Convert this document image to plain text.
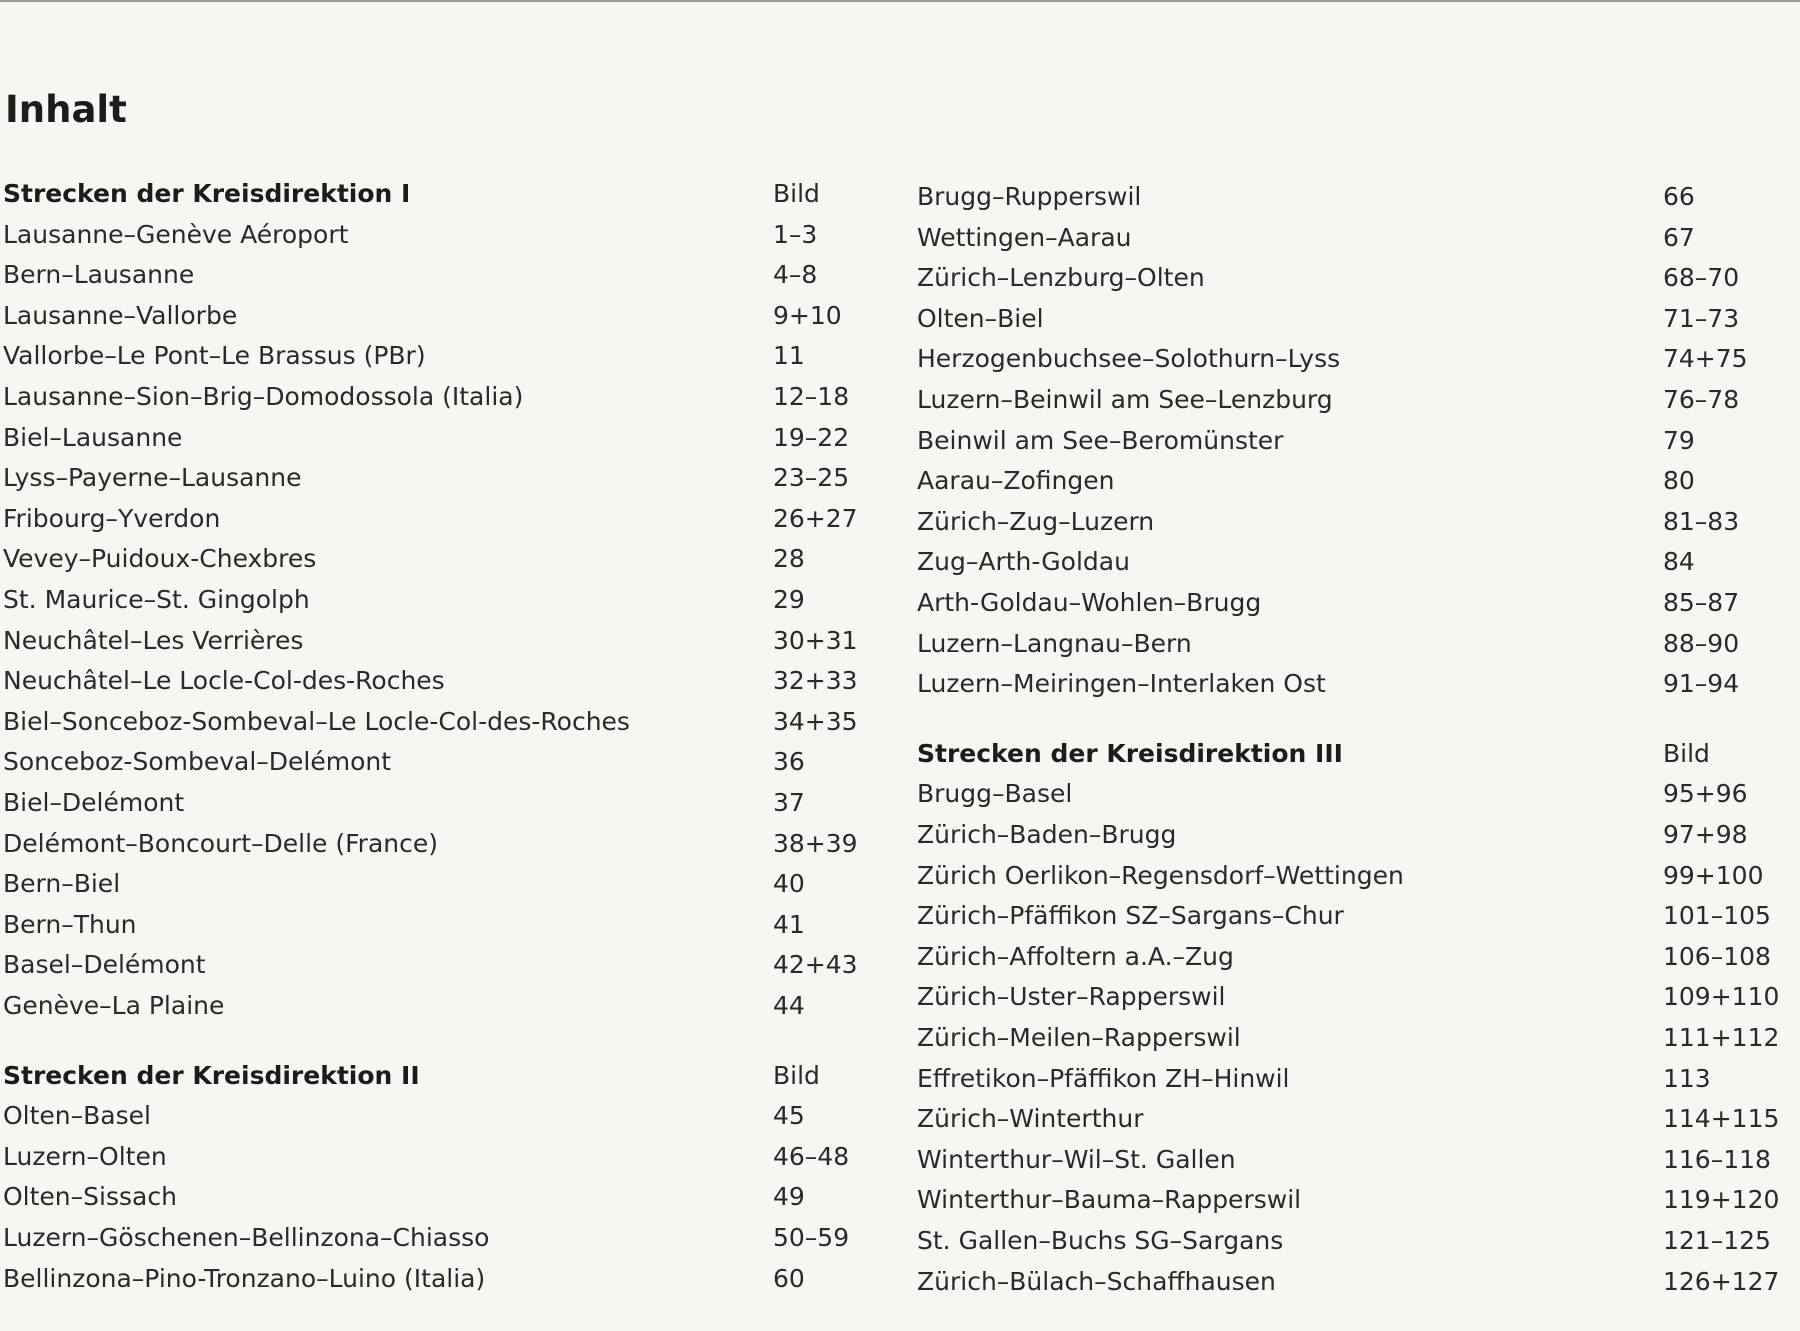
Inhalt
Strecken der Kreisdirektion I	Bild
Lausanne–Genève Aéroport	1–3
Bern–Lausanne	4–8
Lausanne–Vallorbe	9+10
Vallorbe–Le Pont–Le Brassus (PBr)	11
Lausanne–Sion–Brig–Domodossola (Italia)	12–18
Biel–Lausanne	19–22
Lyss–Payerne–Lausanne	23–25
Fribourg–Yverdon	26+27
Vevey–Puidoux-Chexbres	28
St. Maurice–St. Gingolph	29
Neuchâtel–Les Verrières	30+31
Neuchâtel–Le Locle-Col-des-Roches	32+33
Biel–Sonceboz-Sombeval–Le Locle-Col-des-Roches	34+35
Sonceboz-Sombeval–Delémont	36
Biel–Delémont	37
Delémont–Boncourt–Delle (France)	38+39
Bern–Biel	40
Bern–Thun	41
Basel–Delémont	42+43
Genève–La Plaine	44
Strecken der Kreisdirektion II	Bild
Olten–Basel	45
Luzern–Olten	46–48
Olten–Sissach	49
Luzern–Göschenen–Bellinzona–Chiasso	50–59
Bellinzona–Pino-Tronzano–Luino (Italia)	60
Brugg–Rupperswil	66
Wettingen–Aarau	67
Zürich–Lenzburg–Olten	68–70
Olten–Biel	71–73
Herzogenbuchsee–Solothurn–Lyss	74+75
Luzern–Beinwil am See–Lenzburg	76–78
Beinwil am See–Beromünster	79
Aarau–Zofingen	80
Zürich–Zug–Luzern	81–83
Zug–Arth-Goldau	84
Arth-Goldau–Wohlen–Brugg	85–87
Luzern–Langnau–Bern	88–90
Luzern–Meiringen–Interlaken Ost	91–94
Strecken der Kreisdirektion III	Bild
Brugg–Basel	95+96
Zürich–Baden–Brugg	97+98
Zürich Oerlikon–Regensdorf–Wettingen	99+100
Zürich–Pfäffikon SZ–Sargans–Chur	101–105
Zürich–Affoltern a.A.–Zug	106–108
Zürich–Uster–Rapperswil	109+110
Zürich–Meilen–Rapperswil	111+112
Effretikon–Pfäffikon ZH–Hinwil	113
Zürich–Winterthur	114+115
Winterthur–Wil–St. Gallen	116–118
Winterthur–Bauma–Rapperswil	119+120
St. Gallen–Buchs SG–Sargans	121–125
Zürich–Bülach–Schaffhausen	126+127
